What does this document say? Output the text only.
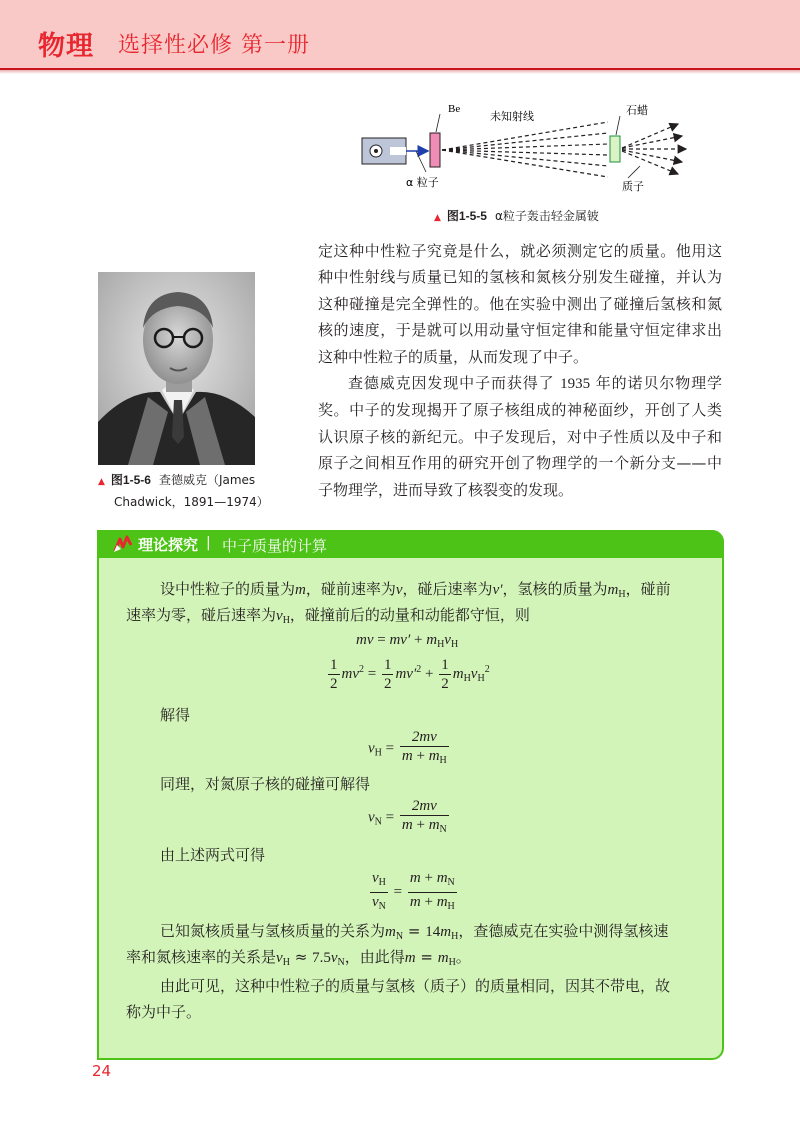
物理 选择性必修 第一册
Be
未知射线	石蜡
α 粒子	质子
▲ 图1-5-5 α粒子轰击轻金属铍
▲ 图1-5-6 查德威克（James
Chadwick，1891—1974）

定这种中性粒子究竟是什么，就必须测定它的质量。他用这种中性射线与质量已知的氢核和氮核分别发生碰撞，并认为这种碰撞是完全弹性的。他在实验中测出了碰撞后氢核和氮核的速度，于是就可以用动量守恒定律和能量守恒定律求出这种中性粒子的质量，从而发现了中子。

查德威克因发现中子而获得了 1935 年的诺贝尔物理学奖。中子的发现揭开了原子核组成的神秘面纱，开创了人类认识原子核的新纪元。中子发现后，对中子性质以及中子和原子之间相互作用的研究开创了物理学的一个新分支——中子物理学，进而导致了核裂变的发现。

理论探究 | 中子质量的计算
设中性粒子的质量为m，碰前速率为v，碰后速率为v′，氢核的质量为$m_H$，碰前
速率为零，碰后速率为$v_H$，碰撞前后的动量和动能都守恒，则
mv = $mv' + m_Hv_H$
$\frac{1}{2} mv^2 = \frac{1}{2} mv'^2 + \frac{1}{2} m_Hv_H^2$
解得
$v_H = \frac{2mv}{m + m_H}$
同理，对氮原子核的碰撞可解得
$v_N = \frac{2mv}{m + m_N}$
由上述两式可得
$\frac{v_H}{v_N} = \frac{m + m_N}{m + m_H}$
已知氮核质量与氢核质量的关系为$m_N = 14m_H$，查德威克在实验中测得氢核速
率和氮核速率的关系是$v_H \approx 7.5v_N$，由此得$m = m_H$。
由此可见，这种中性粒子的质量与氢核（质子）的质量相同，因其不带电，故
称为中子。
24
